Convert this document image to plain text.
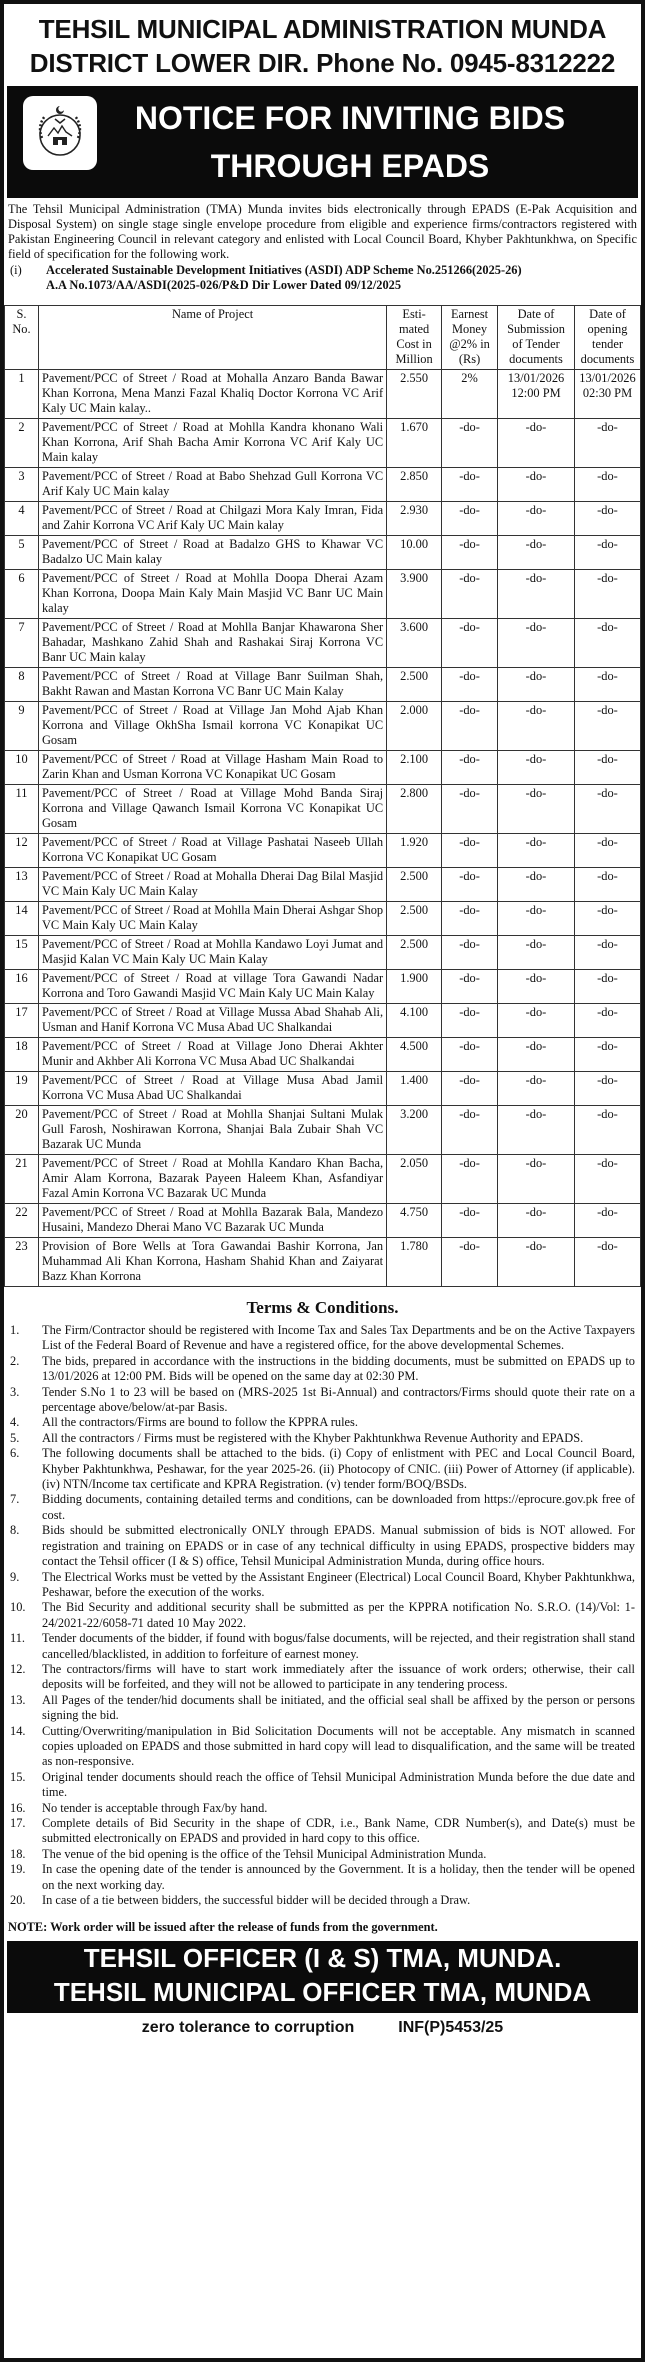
TEHSIL MUNICIPAL ADMINISTRATION MUNDA
DISTRICT LOWER DIR. Phone No. 0945-8312222
NOTICE FOR INVITING BIDS
THROUGH EPADS

The Tehsil Municipal Administration (TMA) Munda invites bids electronically through EPADS (E-Pak Acquisition and Disposal System) on single stage single envelope procedure from eligible and experience firms/contractors registered with Pakistan Engineering Council in relevant category and enlisted with Local Council Board, Khyber Pakhtunkhwa, on Specific field of specification for the following work.

(i)	Accelerated Sustainable Development Initiatives (ASDI) ADP Scheme No.251266(2025-26)
A.A No.1073/AA/ASDI(2025-026/P&D Dir Lower Dated 09/12/2025
S. No.	Name of Project	Esti-mated Cost in Million	Earnest Money @2% in (Rs)	Date of Submission of Tender documents	Date of opening tender documents
1	Pavement/PCC of Street / Road at Mohalla Anzaro Banda Bawar Khan Korrona, Mena Manzi Fazal Khaliq Doctor Korrona VC Arif Kaly UC Main kalay..	2.550	2%	13/01/2026 12:00 PM	13/01/2026 02:30 PM
2	Pavement/PCC of Street / Road at Mohlla Kandra khonano Wali Khan Korrona, Arif Shah Bacha Amir Korrona VC Arif Kaly UC Main kalay	1.670	-do-	-do-	-do-
3	Pavement/PCC of Street / Road at Babo Shehzad Gull Korrona VC Arif Kaly UC Main kalay	2.850	-do-	-do-	-do-
4	Pavement/PCC of Street / Road at Chilgazi Mora Kaly Imran, Fida and Zahir Korrona VC Arif Kaly UC Main kalay	2.930	-do-	-do-	-do-
5	Pavement/PCC of Street / Road at Badalzo GHS to Khawar VC Badalzo UC Main kalay	10.00	-do-	-do-	-do-
6	Pavement/PCC of Street / Road at Mohlla Doopa Dherai Azam Khan Korrona, Doopa Main Kaly Main Masjid VC Banr UC Main kalay	3.900	-do-	-do-	-do-
7	Pavement/PCC of Street / Road at Mohlla Banjar Khawarona Sher Bahadar, Mashkano Zahid Shah and Rashakai Siraj Korrona VC Banr UC Main kalay	3.600	-do-	-do-	-do-
8	Pavement/PCC of Street / Road at Village Banr Suilman Shah, Bakht Rawan and Mastan Korrona VC Banr UC Main Kalay	2.500	-do-	-do-	-do-
9	Pavement/PCC of Street / Road at Village Jan Mohd Ajab Khan Korrona and Village OkhSha Ismail korrona VC Konapikat UC Gosam	2.000	-do-	-do-	-do-
10	Pavement/PCC of Street / Road at Village Hasham Main Road to Zarin Khan and Usman Korrona VC Konapikat UC Gosam	2.100	-do-	-do-	-do-
11	Pavement/PCC of Street / Road at Village Mohd Banda Siraj Korrona and Village Qawanch Ismail Korrona VC Konapikat UC Gosam	2.800	-do-	-do-	-do-
12	Pavement/PCC of Street / Road at Village Pashatai Naseeb Ullah Korrona VC Konapikat UC Gosam	1.920	-do-	-do-	-do-
13	Pavement/PCC of Street / Road at Mohalla Dherai Dag Bilal Masjid VC Main Kaly UC Main Kalay	2.500	-do-	-do-	-do-
14	Pavement/PCC of Street / Road at Mohlla Main Dherai Ashgar Shop VC Main Kaly UC Main Kalay	2.500	-do-	-do-	-do-
15	Pavement/PCC of Street / Road at Mohlla Kandawo Loyi Jumat and Masjid Kalan VC Main Kaly UC Main Kalay	2.500	-do-	-do-	-do-
16	Pavement/PCC of Street / Road at village Tora Gawandi Nadar Korrona and Toro Gawandi Masjid VC Main Kaly UC Main Kalay	1.900	-do-	-do-	-do-
17	Pavement/PCC of Street / Road at Village Mussa Abad Shahab Ali, Usman and Hanif Korrona VC Musa Abad UC Shalkandai	4.100	-do-	-do-	-do-
18	Pavement/PCC of Street / Road at Village Jono Dherai Akhter Munir and Akhber Ali Korrona VC Musa Abad UC Shalkandai	4.500	-do-	-do-	-do-
19	Pavement/PCC of Street / Road at Village Musa Abad Jamil Korrona VC Musa Abad UC Shalkandai	1.400	-do-	-do-	-do-
20	Pavement/PCC of Street / Road at Mohlla Shanjai Sultani Mulak Gull Farosh, Noshirawan Korrona, Shanjai Bala Zubair Shah VC Bazarak UC Munda	3.200	-do-	-do-	-do-
21	Pavement/PCC of Street / Road at Mohlla Kandaro Khan Bacha, Amir Alam Korrona, Bazarak Payeen Haleem Khan, Asfandiyar Fazal Amin Korrona VC Bazarak UC Munda	2.050	-do-	-do-	-do-
22	Pavement/PCC of Street / Road at Mohlla Bazarak Bala, Mandezo Husaini, Mandezo Dherai Mano VC Bazarak UC Munda	4.750	-do-	-do-	-do-
23	Provision of Bore Wells at Tora Gawandai Bashir Korrona, Jan Muhammad Ali Khan Korrona, Hasham Shahid Khan and Zaiyarat Bazz Khan Korrona	1.780	-do-	-do-	-do-
Terms & Conditions.
1.	The Firm/Contractor should be registered with Income Tax and Sales Tax Departments and be on the Active Taxpayers List of the Federal Board of Revenue and have a registered office, for the above developmental Schemes.
2.	The bids, prepared in accordance with the instructions in the bidding documents, must be submitted on EPADS up to 13/01/2026 at 12:00 PM. Bids will be opened on the same day at 02:30 PM.
3.	Tender S.No 1 to 23 will be based on (MRS-2025 1st Bi-Annual) and contractors/Firms should quote their rate on a percentage above/below/at-par Basis.
4.	All the contractors/Firms are bound to follow the KPPRA rules.
5.	All the contractors / Firms must be registered with the Khyber Pakhtunkhwa Revenue Authority and EPADS.
6.	The following documents shall be attached to the bids. (i) Copy of enlistment with PEC and Local Council Board, Khyber Pakhtunkhwa, Peshawar, for the year 2025-26. (ii) Photocopy of CNIC. (iii) Power of Attorney (if applicable). (iv) NTN/Income tax certificate and KPRA Registration. (v) tender form/BOQ/BSDs.
7.	Bidding documents, containing detailed terms and conditions, can be downloaded from https://eprocure.gov.pk free of cost.
8.	Bids should be submitted electronically ONLY through EPADS. Manual submission of bids is NOT allowed. For registration and training on EPADS or in case of any technical difficulty in using EPADS, prospective bidders may contact the Tehsil officer (I & S) office, Tehsil Municipal Administration Munda, during office hours.
9.	The Electrical Works must be vetted by the Assistant Engineer (Electrical) Local Council Board, Khyber Pakhtunkhwa, Peshawar, before the execution of the works.
10.	The Bid Security and additional security shall be submitted as per the KPPRA notification No. S.R.O. (14)/Vol: 1-24/2021-22/6058-71 dated 10 May 2022.
11.	Tender documents of the bidder, if found with bogus/false documents, will be rejected, and their registration shall stand cancelled/blacklisted, in addition to forfeiture of earnest money.
12.	The contractors/firms will have to start work immediately after the issuance of work orders; otherwise, their call deposits will be forfeited, and they will not be allowed to participate in any tendering process.
13.	All Pages of the tender/hid documents shall be initiated, and the official seal shall be affixed by the person or persons signing the bid.
14.	Cutting/Overwriting/manipulation in Bid Solicitation Documents will not be acceptable. Any mismatch in scanned copies uploaded on EPADS and those submitted in hard copy will lead to disqualification, and the same will be treated as non-responsive.
15.	Original tender documents should reach the office of Tehsil Municipal Administration Munda before the due date and time.
16.	No tender is acceptable through Fax/by hand.
17.	Complete details of Bid Security in the shape of CDR, i.e., Bank Name, CDR Number(s), and Date(s) must be submitted electronically on EPADS and provided in hard copy to this office.
18.	The venue of the bid opening is the office of the Tehsil Municipal Administration Munda.
19.	In case the opening date of the tender is announced by the Government. It is a holiday, then the tender will be opened on the next working day.
20.	In case of a tie between bidders, the successful bidder will be decided through a Draw.
NOTE: Work order will be issued after the release of funds from the government.
TEHSIL OFFICER (I & S) TMA, MUNDA.
TEHSIL MUNICIPAL OFFICER TMA, MUNDA
zero tolerance to corruption	INF(P)5453/25
